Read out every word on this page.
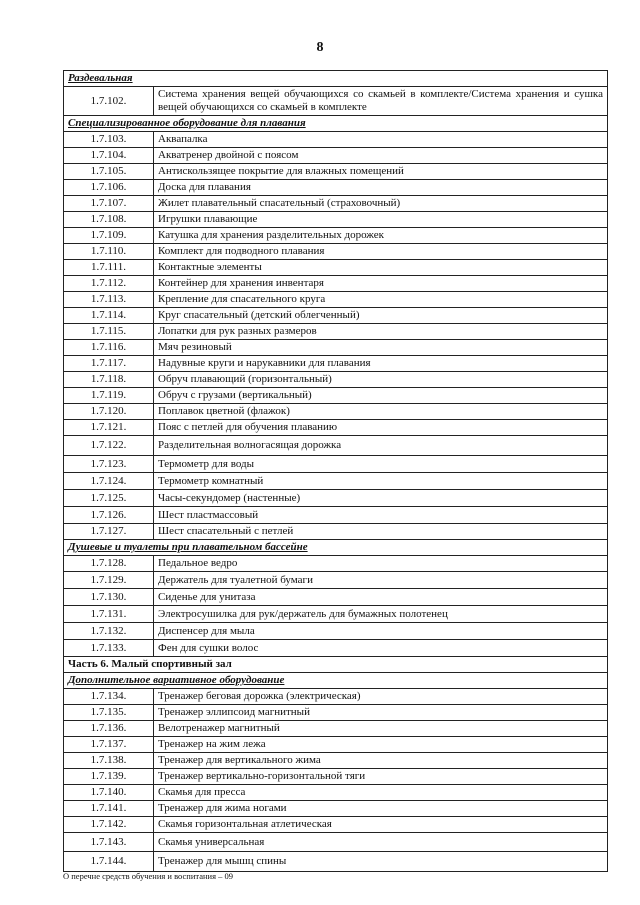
8
Раздевальная	
1.7.102.	Система хранения вещей обучающихся со скамьей в комплекте/Система хранения и сушка вещей обучающихся со скамьей в комплекте
Специализированное оборудование для плавания	
1.7.103.	Аквапалка
1.7.104.	Акватренер двойной с поясом
1.7.105.	Антискользящее покрытие для влажных помещений
1.7.106.	Доска для плавания
1.7.107.	Жилет плавательный спасательный (страховочный)
1.7.108.	Игрушки плавающие
1.7.109.	Катушка для хранения разделительных дорожек
1.7.110.	Комплект для подводного плавания
1.7.111.	Контактные элементы
1.7.112.	Контейнер для хранения инвентаря
1.7.113.	Крепление для спасательного круга
1.7.114.	Круг спасательный (детский облегченный)
1.7.115.	Лопатки для рук разных размеров
1.7.116.	Мяч резиновый
1.7.117.	Надувные круги и нарукавники для плавания
1.7.118.	Обруч плавающий (горизонтальный)
1.7.119.	Обруч с грузами (вертикальный)
1.7.120.	Поплавок цветной (флажок)
1.7.121.	Пояс с петлей для обучения плаванию
1.7.122.	Разделительная волногасящая дорожка
1.7.123.	Термометр для воды
1.7.124.	Термометр комнатный
1.7.125.	Часы-секундомер (настенные)
1.7.126.	Шест пластмассовый
1.7.127.	Шест спасательный с петлей
Душевые и туалеты при плавательном бассейне	
1.7.128.	Педальное ведро
1.7.129.	Держатель для туалетной бумаги
1.7.130.	Сиденье для унитаза
1.7.131.	Электросушилка для рук/держатель для бумажных полотенец
1.7.132.	Диспенсер для мыла
1.7.133.	Фен для сушки волос
Часть 6. Малый спортивный зал	
Дополнительное вариативное оборудование	
1.7.134.	Тренажер беговая дорожка (электрическая)
1.7.135.	Тренажер эллипсоид магнитный
1.7.136.	Велотренажер магнитный
1.7.137.	Тренажер на жим лежа
1.7.138.	Тренажер для вертикального жима
1.7.139.	Тренажер вертикально-горизонтальной тяги
1.7.140.	Скамья для пресса
1.7.141.	Тренажер для жима ногами
1.7.142.	Скамья горизонтальная атлетическая
1.7.143.	Скамья универсальная
1.7.144.	Тренажер для мышц спины
О перечне средств обучения и воспитания – 09
